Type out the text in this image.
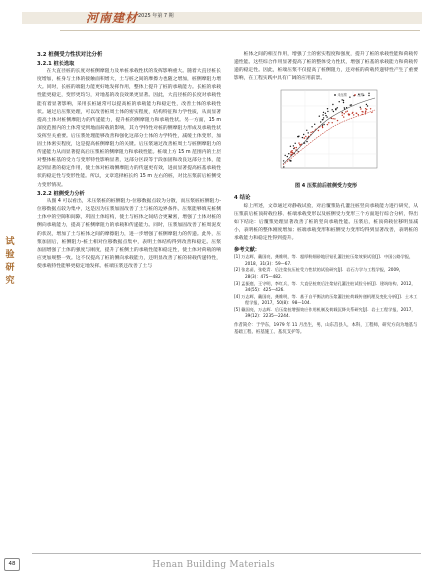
河南建材 2025 年第 7 期
试
验
研
究
3.2 桩侧受力性状对比分析
3.2.1 桩长选取

在大直径桩的长度对桩侧摩阻力及单桩承载性状的发挥影响重大。随着大直径桩长度增加，桩身与土体的接触面积增大，土与桩之间的摩擦力也随之增加，桩侧摩阻力增大。同时，长桩的端阻力能更好地发挥作用，整体上提升了桩的承载能力。长桩的承载性能更稳定，变形更均匀，对地基的改良效果更显著。因此，大直径桩的长度对承载性能有着显著影响，采用长桩通常可以提高桩的承载能力和稳定性，改善土体的承载性状。通过后压浆处理，可以改善桩周土体的密实程度，结构特征和力学性质，从而显著提高土体对桩侧摩阻力的传递能力，提升桩的侧摩阻力和承载性状。另一方面，15 m 深度范围内的土体常受到地面荷载的影响，其力学特性对桩的侧摩阻力形成及承载性状发挥至关重要。后压浆处理能够改善和强化这部分土体的力学特性，减缓土体变形，加固土体密实程度，这是提高桩侧摩阻力的关键。后压浆通过改善桩周土与桩侧摩阻力的传递能力从而显著提高后压浆桩的侧摩阻力和承载性能。桩端上方 15 m 范围内的土层对整体桩基的受力与变形特性影响显著，这部分区段等于段加固和改良这部分土体，能起到显著的稳定作用，使土体对桩端侧摩阻力的传递更有效，进而显著提高桩基承载性状的稳定性与变形性能。所以，文章选择桩长约 15 m 左右的桩，对比压浆前后桩侧受力变形情况。

3.2.2 桩侧受力分析

从图 4 可以看出，未压浆桩的桩侧阻力-位移数据点较为分散，而压浆桩桩侧阻力-位移数据点较为集中，这是因为压浆加固改善了土与桩的边界条件。压浆能够填充桩侧土体中的空隙和间隙，巩固土体结构，使土与桩体之间结合更紧密，增强了土体对桩的侧向承载能力，提高了桩侧摩阻力的承载和传递能力。同时，压浆加固改善了桩周泥皮的状况，增加了土与桩体之间的摩擦阻力，进一步增强了桩侧摩阻力的传递。此外，压浆加固后，桩侧阻力-桩土相对位移数据点集中，表明土体结构得到改善和稳定。压浆加固增强了土体的强度与刚度，提升了桩侧土的承载性能和稳定性，使土体对荷载的响应更加规整一致。这不仅提高了桩的侧向承载能力，还明显改善了桩的荷载传递特性，使承载特性能够更稳定地发挥。桩端压浆还改善了土与

桩体之间的相互作用，增强了土的密实程度和强度，提升了桩的承载性能和荷载传递性能。这些综合作用显著提高了桩的整体受力性状，增强了桩基的承载能力和荷载传递的稳定性。因此，桩端压浆不仅提高了桩侧阻力，还对桩的荷载传递特性产生了重要影响，在工程实践中具有广阔的应用前景。

未压浆	压浆
图 4 压浆前后桩侧受力变形
4 结论

综上所述，文章通过对静载试验，对后覆浆钻孔灌注桩竖向承载能力进行研究，从压浆前后桩顶荷载位移、桩端承载变形以及桩侧受力变形三个方面进行综合分析，得出如下结论：后覆浆处理显著改善了桩的竖向承载性能。压浆后，桩顶荷载位移明显减小，表明桩的整体刚度增加；桩端承载变形和桩侧受力变形均得到显著改善，表明桩的承载能力和稳定性得到提升。

参考文献：
[1] 万志辉，戴国亮，龚维明，等．超厚粉细砂地层钻孔灌注桩压浆效果试验[J]．中国公路学报，2018，31(3)：59—67.
[2] 张忠苗，张乾青．后注浆抗压桩受力性状的试验研究[J]．岩石力学与工程学报，2009，28(3)：475—482.
[3] 孟振庭，王守明，李红兵，等．大直径桩底后注浆钻孔灌注桩试验分析[J]．建筑结构，2012，34(55)：425—426.
[4] 万志辉，戴国亮，龚维明，等．基于自平衡法的压浆灌注桩荷载传递机理及变化分析[J]．土木工程学报，2017，50(8)：98—104.
[5] 戴国亮，万志辉．后压浆桩增强效应作用机制及荷载沉降关系研究[J]．岩土工程学报，2017，39(12)：2235—2244.
作者简介：于学东，1979 年 11 月出生，男，山东莒县人，本科，工程师，研究方向为地基与基础工程、桩基施工、基坑支护等。
48	Henan Building Materials
